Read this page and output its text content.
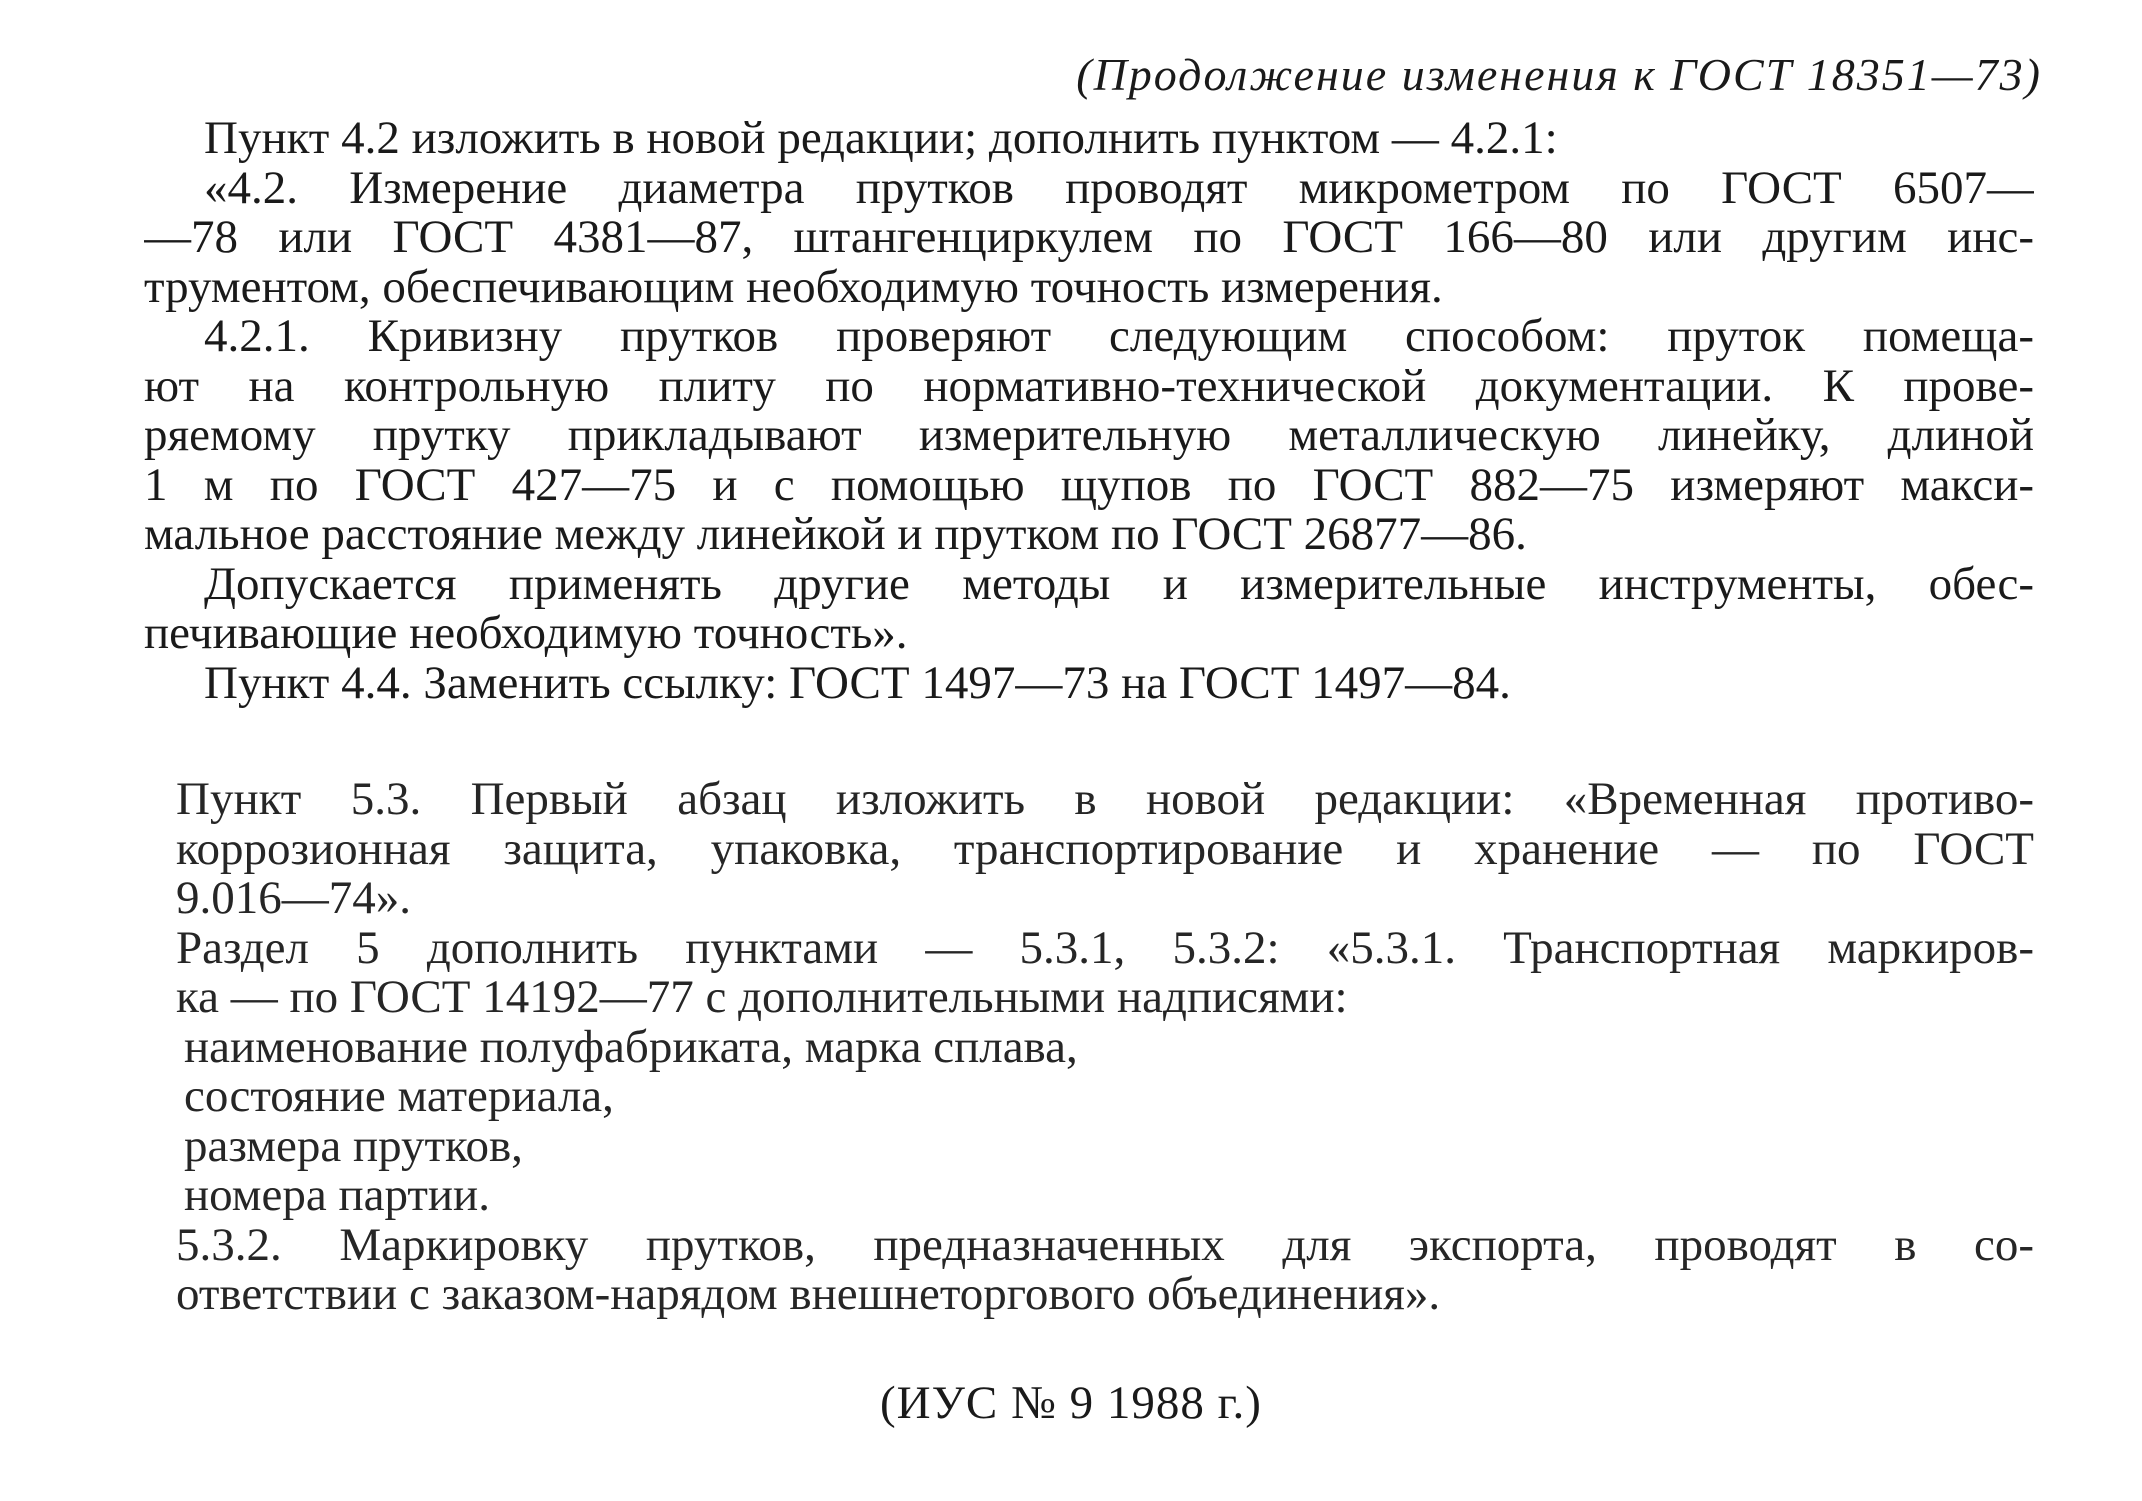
(Продолжение изменения к ГОСТ 18351—73)
Пункт 4.2 изложить в новой редакции; дополнить пунктом — 4.2.1:
«4.2. Измерение диаметра прутков проводят микрометром по ГОСТ 6507—
—78 или ГОСТ 4381—87, штангенциркулем по ГОСТ 166—80 или другим инс-
трументом, обеспечивающим необходимую точность измерения.
4.2.1. Кривизну прутков проверяют следующим способом: пруток помеща-
ют на контрольную плиту по нормативно-технической документации. К прове-
ряемому прутку прикладывают измерительную металлическую линейку, длиной
1 м по ГОСТ 427—75 и с помощью щупов по ГОСТ 882—75 измеряют макси-
мальное расстояние между линейкой и прутком по ГОСТ 26877—86.
Допускается применять другие методы и измерительные инструменты, обес-
печивающие необходимую точность».
Пункт 4.4. Заменить ссылку: ГОСТ 1497—73 на ГОСТ 1497—84.
Пункт 5.3. Первый абзац изложить в новой редакции: «Временная противо-
коррозионная защита, упаковка, транспортирование и хранение — по ГОСТ
9.016—74».
Раздел 5 дополнить пунктами — 5.3.1, 5.3.2: «5.3.1. Транспортная маркиров-
ка — по ГОСТ 14192—77 с дополнительными надписями:
наименование полуфабриката, марка сплава,
состояние материала,
размера прутков,
номера партии.
5.3.2. Маркировку прутков, предназначенных для экспорта, проводят в со-
ответствии с заказом-нарядом внешнеторгового объединения».
(ИУС № 9 1988 г.)
